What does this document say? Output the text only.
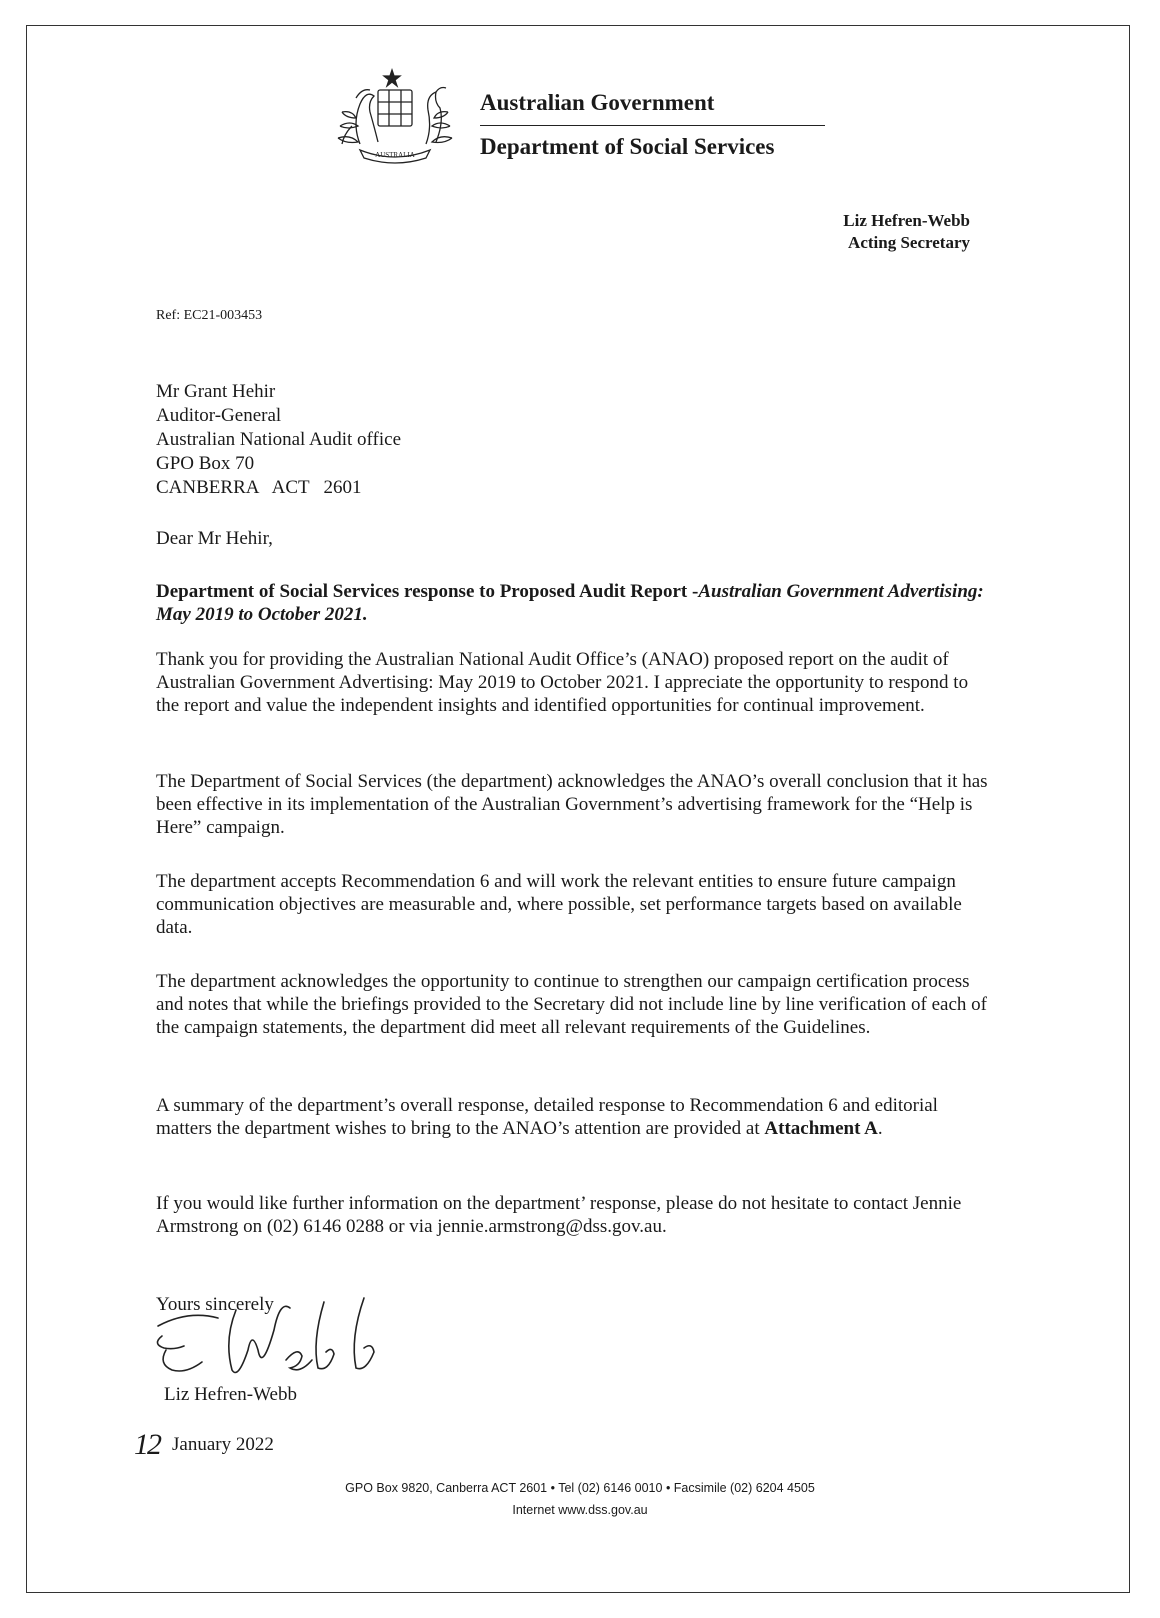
AUSTRALIA
Australian Government
Department of Social Services
Liz Hefren-Webb
Acting Secretary
Ref: EC21-003453
Mr Grant Hehir
Auditor-General
Australian National Audit office
GPO Box 70
CANBERRA   ACT   2601
Dear Mr Hehir,
Department of Social Services response to Proposed Audit Report -Australian Government Advertising: May 2019 to October 2021.
Thank you for providing the Australian National Audit Office’s (ANAO) proposed report on the audit of Australian Government Advertising: May 2019 to October 2021. I appreciate the opportunity to respond to the report and value the independent insights and identified opportunities for continual improvement.
The Department of Social Services (the department) acknowledges the ANAO’s overall conclusion that it has been effective in its implementation of the Australian Government’s advertising framework for the “Help is Here” campaign.
The department accepts Recommendation 6 and will work the relevant entities to ensure future campaign communication objectives are measurable and, where possible, set performance targets based on available data.
The department acknowledges the opportunity to continue to strengthen our campaign certification process and notes that while the briefings provided to the Secretary did not include line by line verification of each of the campaign statements, the department did meet all relevant requirements of the Guidelines.
A summary of the department’s overall response, detailed response to Recommendation 6 and editorial matters the department wishes to bring to the ANAO’s attention are provided at Attachment A.
If you would like further information on the department’ response, please do not hesitate to contact Jennie Armstrong on (02) 6146 0288 or via jennie.armstrong@dss.gov.au.
Yours sincerely
Liz Hefren-Webb
12 January 2022
GPO Box 9820, Canberra ACT 2601 • Tel (02) 6146 0010 • Facsimile (02) 6204 4505
Internet www.dss.gov.au
